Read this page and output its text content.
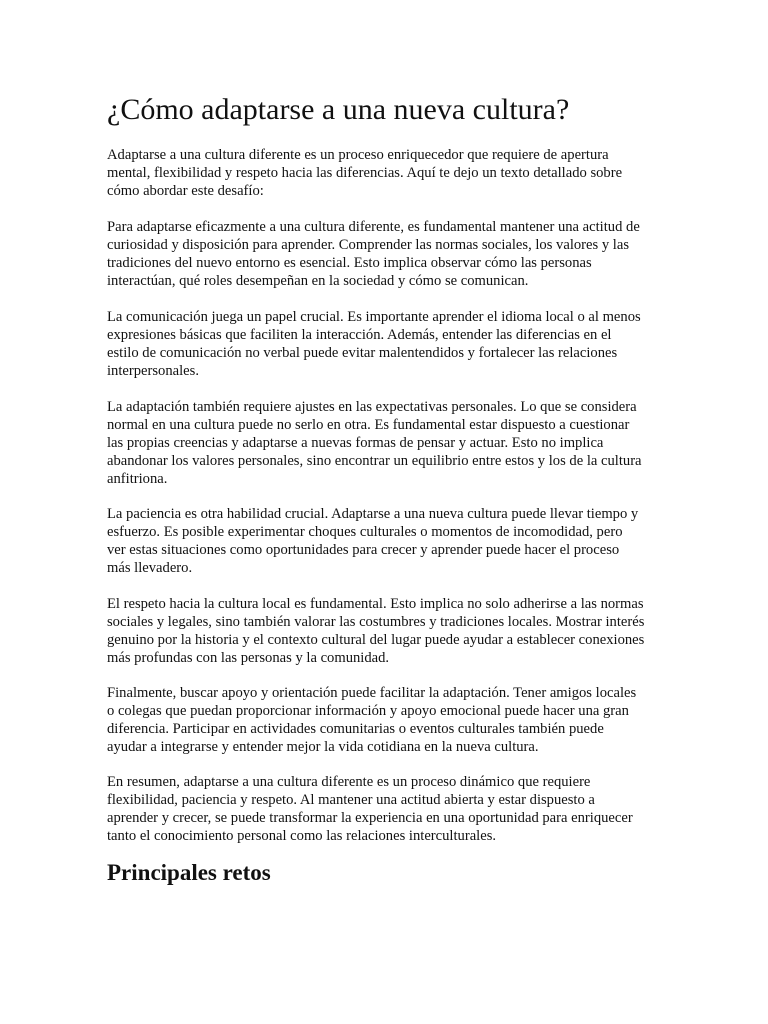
¿Cómo adaptarse a una nueva cultura?

Adaptarse a una cultura diferente es un proceso enriquecedor que requiere de apertura
mental, flexibilidad y respeto hacia las diferencias. Aquí te dejo un texto detallado sobre
cómo abordar este desafío:

Para adaptarse eficazmente a una cultura diferente, es fundamental mantener una actitud de
curiosidad y disposición para aprender. Comprender las normas sociales, los valores y las
tradiciones del nuevo entorno es esencial. Esto implica observar cómo las personas
interactúan, qué roles desempeñan en la sociedad y cómo se comunican.

La comunicación juega un papel crucial. Es importante aprender el idioma local o al menos
expresiones básicas que faciliten la interacción. Además, entender las diferencias en el
estilo de comunicación no verbal puede evitar malentendidos y fortalecer las relaciones
interpersonales.

La adaptación también requiere ajustes en las expectativas personales. Lo que se considera
normal en una cultura puede no serlo en otra. Es fundamental estar dispuesto a cuestionar
las propias creencias y adaptarse a nuevas formas de pensar y actuar. Esto no implica
abandonar los valores personales, sino encontrar un equilibrio entre estos y los de la cultura
anfitriona.

La paciencia es otra habilidad crucial. Adaptarse a una nueva cultura puede llevar tiempo y
esfuerzo. Es posible experimentar choques culturales o momentos de incomodidad, pero
ver estas situaciones como oportunidades para crecer y aprender puede hacer el proceso
más llevadero.

El respeto hacia la cultura local es fundamental. Esto implica no solo adherirse a las normas
sociales y legales, sino también valorar las costumbres y tradiciones locales. Mostrar interés
genuino por la historia y el contexto cultural del lugar puede ayudar a establecer conexiones
más profundas con las personas y la comunidad.

Finalmente, buscar apoyo y orientación puede facilitar la adaptación. Tener amigos locales
o colegas que puedan proporcionar información y apoyo emocional puede hacer una gran
diferencia. Participar en actividades comunitarias o eventos culturales también puede
ayudar a integrarse y entender mejor la vida cotidiana en la nueva cultura.

En resumen, adaptarse a una cultura diferente es un proceso dinámico que requiere
flexibilidad, paciencia y respeto. Al mantener una actitud abierta y estar dispuesto a
aprender y crecer, se puede transformar la experiencia en una oportunidad para enriquecer
tanto el conocimiento personal como las relaciones interculturales.

Principales retos
